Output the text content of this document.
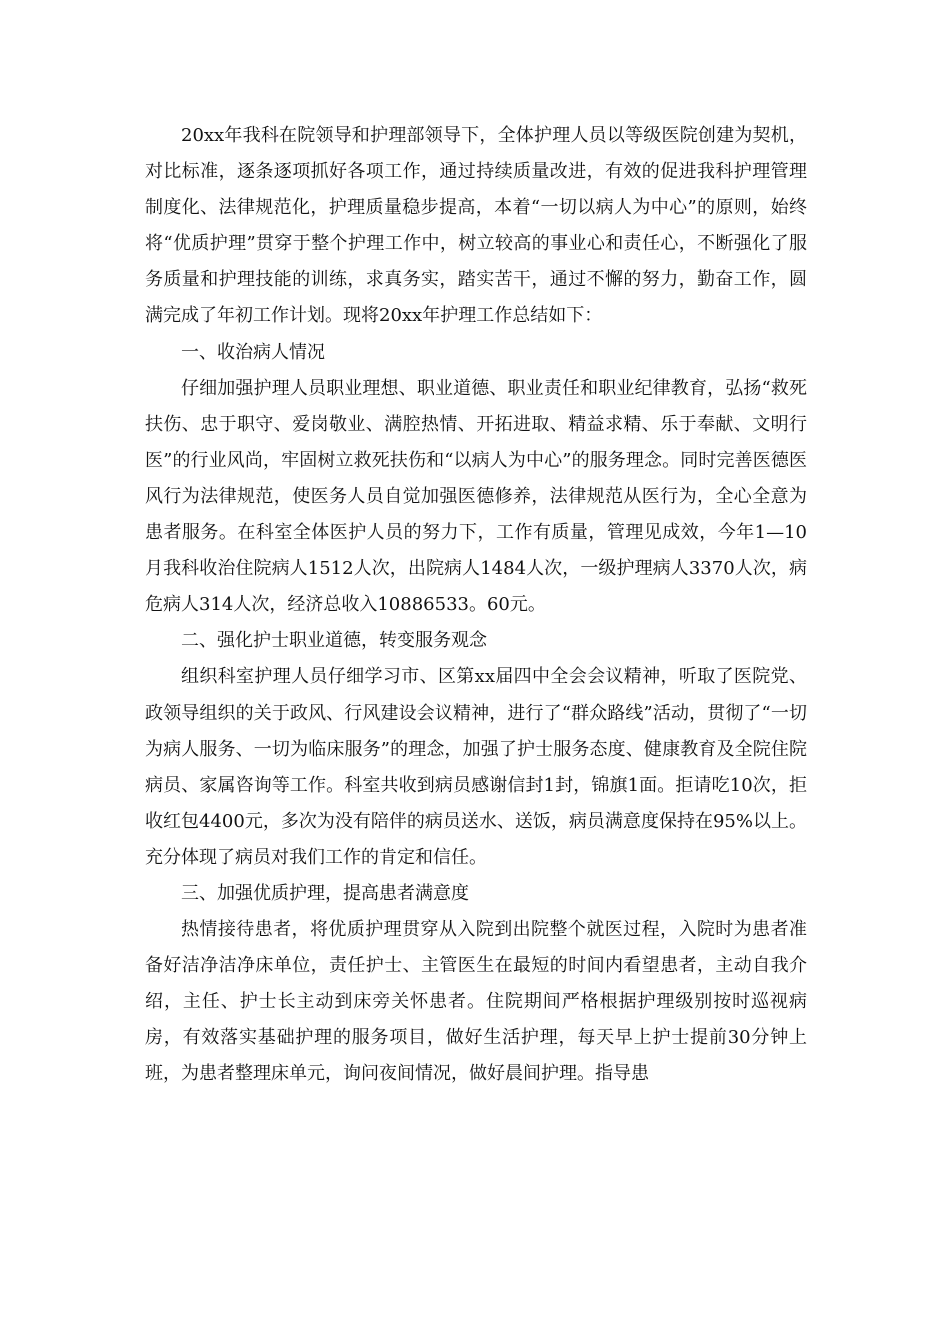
20xx年我科在院领导和护理部领导下，全体护理人员以等级医院创建为契机，对比标准，逐条逐项抓好各项工作，通过持续质量改进，有效的促进我科护理管理制度化、法律规范化，护理质量稳步提高，本着“一切以病人为中心”的原则，始终将“优质护理”贯穿于整个护理工作中，树立较高的事业心和责任心，不断强化了服务质量和护理技能的训练，求真务实，踏实苦干，通过不懈的努力，勤奋工作，圆满完成了年初工作计划。现将20xx年护理工作总结如下：

一、收治病人情况

仔细加强护理人员职业理想、职业道德、职业责任和职业纪律教育，弘扬“救死扶伤、忠于职守、爱岗敬业、满腔热情、开拓进取、精益求精、乐于奉献、文明行医”的行业风尚，牢固树立救死扶伤和“以病人为中心”的服务理念。同时完善医德医风行为法律规范，使医务人员自觉加强医德修养，法律规范从医行为，全心全意为患者服务。在科室全体医护人员的努力下，工作有质量，管理见成效，今年1—10月我科收治住院病人1512人次，出院病人1484人次，一级护理病人3370人次，病危病人314人次，经济总收入10886533。60元。

二、强化护士职业道德，转变服务观念

组织科室护理人员仔细学习市、区第xx届四中全会会议精神，听取了医院党、政领导组织的关于政风、行风建设会议精神，进行了“群众路线”活动，贯彻了“一切为病人服务、一切为临床服务”的理念，加强了护士服务态度、健康教育及全院住院病员、家属咨询等工作。科室共收到病员感谢信封1封，锦旗1面。拒请吃10次，拒收红包4400元，多次为没有陪伴的病员送水、送饭，病员满意度保持在95%以上。充分体现了病员对我们工作的肯定和信任。

三、加强优质护理，提高患者满意度

热情接待患者，将优质护理贯穿从入院到出院整个就医过程，入院时为患者准备好洁净洁净床单位，责任护士、主管医生在最短的时间内看望患者，主动自我介绍，主任、护士长主动到床旁关怀患者。住院期间严格根据护理级别按时巡视病房，有效落实基础护理的服务项目，做好生活护理，每天早上护士提前30分钟上班，为患者整理床单元，询问夜间情况，做好晨间护理。指导患
